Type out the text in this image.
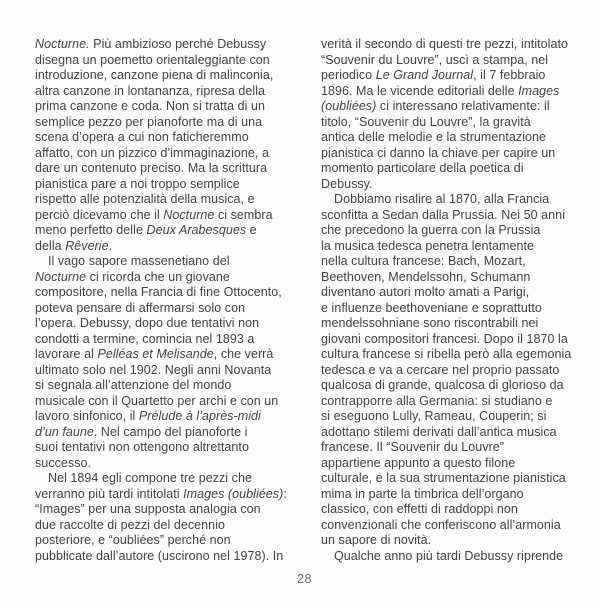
Nocturne. Più ambizioso perché Debussy
disegna un poemetto orientaleggiante con
introduzione, canzone piena di malinconia,
altra canzone in lontananza, ripresa della
prima canzone e coda. Non si tratta di un
semplice pezzo per pianoforte ma di una
scena d’opera a cui non faticheremmo
affatto, con un pizzico d’immaginazione, a
dare un contenuto preciso. Ma la scrittura
pianistica pare a noi troppo semplice
rispetto alle potenzialità della musica, e
perciò dicevamo che il Nocturne ci sembra
meno perfetto delle Deux Arabesques e
della Rêverie.
Il vago sapore massenetiano del
Nocturne ci ricorda che un giovane
compositore, nella Francia di fine Ottocento,
poteva pensare di affermarsi solo con
l’opera. Debussy, dopo due tentativi non
condotti a termine, comincia nel 1893 a
lavorare al Pelléas et Melisande, che verrà
ultimato solo nel 1902. Negli anni Novanta
si segnala all’attenzione del mondo
musicale con il Quartetto per archi e con un
lavoro sinfonico, il Prélude à l’après-midi
d’un faune. Nel campo del pianoforte i
suoi tentativi non ottengono altrettanto
successo.
Nel 1894 egli compone tre pezzi che
verranno più tardi intitolati Images (oubliées):
“Images” per una supposta analogia con
due raccolte di pezzi del decennio
posteriore, e “oubliées” perché non
pubblicate dall’autore (uscirono nel 1978). In
verità il secondo di questi tre pezzi, intitolato
“Souvenir du Louvre”, uscì a stampa, nel
periodico Le Grand Journal, il 7 febbraio
1896. Ma le vicende editoriali delle Images
(oubliées) ci interessano relativamente: il
titolo, “Souvenir du Louvre”, la gravità
antica delle melodie e la strumentazione
pianistica ci danno la chiave per capire un
momento particolare della poetica di
Debussy.
Dobbiamo risalire al 1870, alla Francia
sconfitta a Sedan dalla Prussia. Nei 50 anni
che precedono la guerra con la Prussia
la musica tedesca penetra lentamente
nella cultura francese: Bach, Mozart,
Beethoven, Mendelssohn, Schumann
diventano autori molto amati a Parigi,
e influenze beethoveniane e soprattutto
mendelssohniane sono riscontrabili nei
giovani compositori francesi. Dopo il 1870 la
cultura francese si ribella però alla egemonia
tedesca e va a cercare nel proprio passato
qualcosa di grande, qualcosa di glorioso da
contrapporre alla Germania: si studiano e
si eseguono Lully, Rameau, Couperin; si
adottano stilemi derivati dall’antica musica
francese. Il “Souvenir du Louvre”
appartiene appunto a questo filone
culturale, e la sua strumentazione pianistica
mima in parte la timbrica dell’organo
classico, con effetti di raddoppi non
convenzionali che conferiscono all’armonia
un sapore di novità.
Qualche anno più tardi Debussy riprende
28
